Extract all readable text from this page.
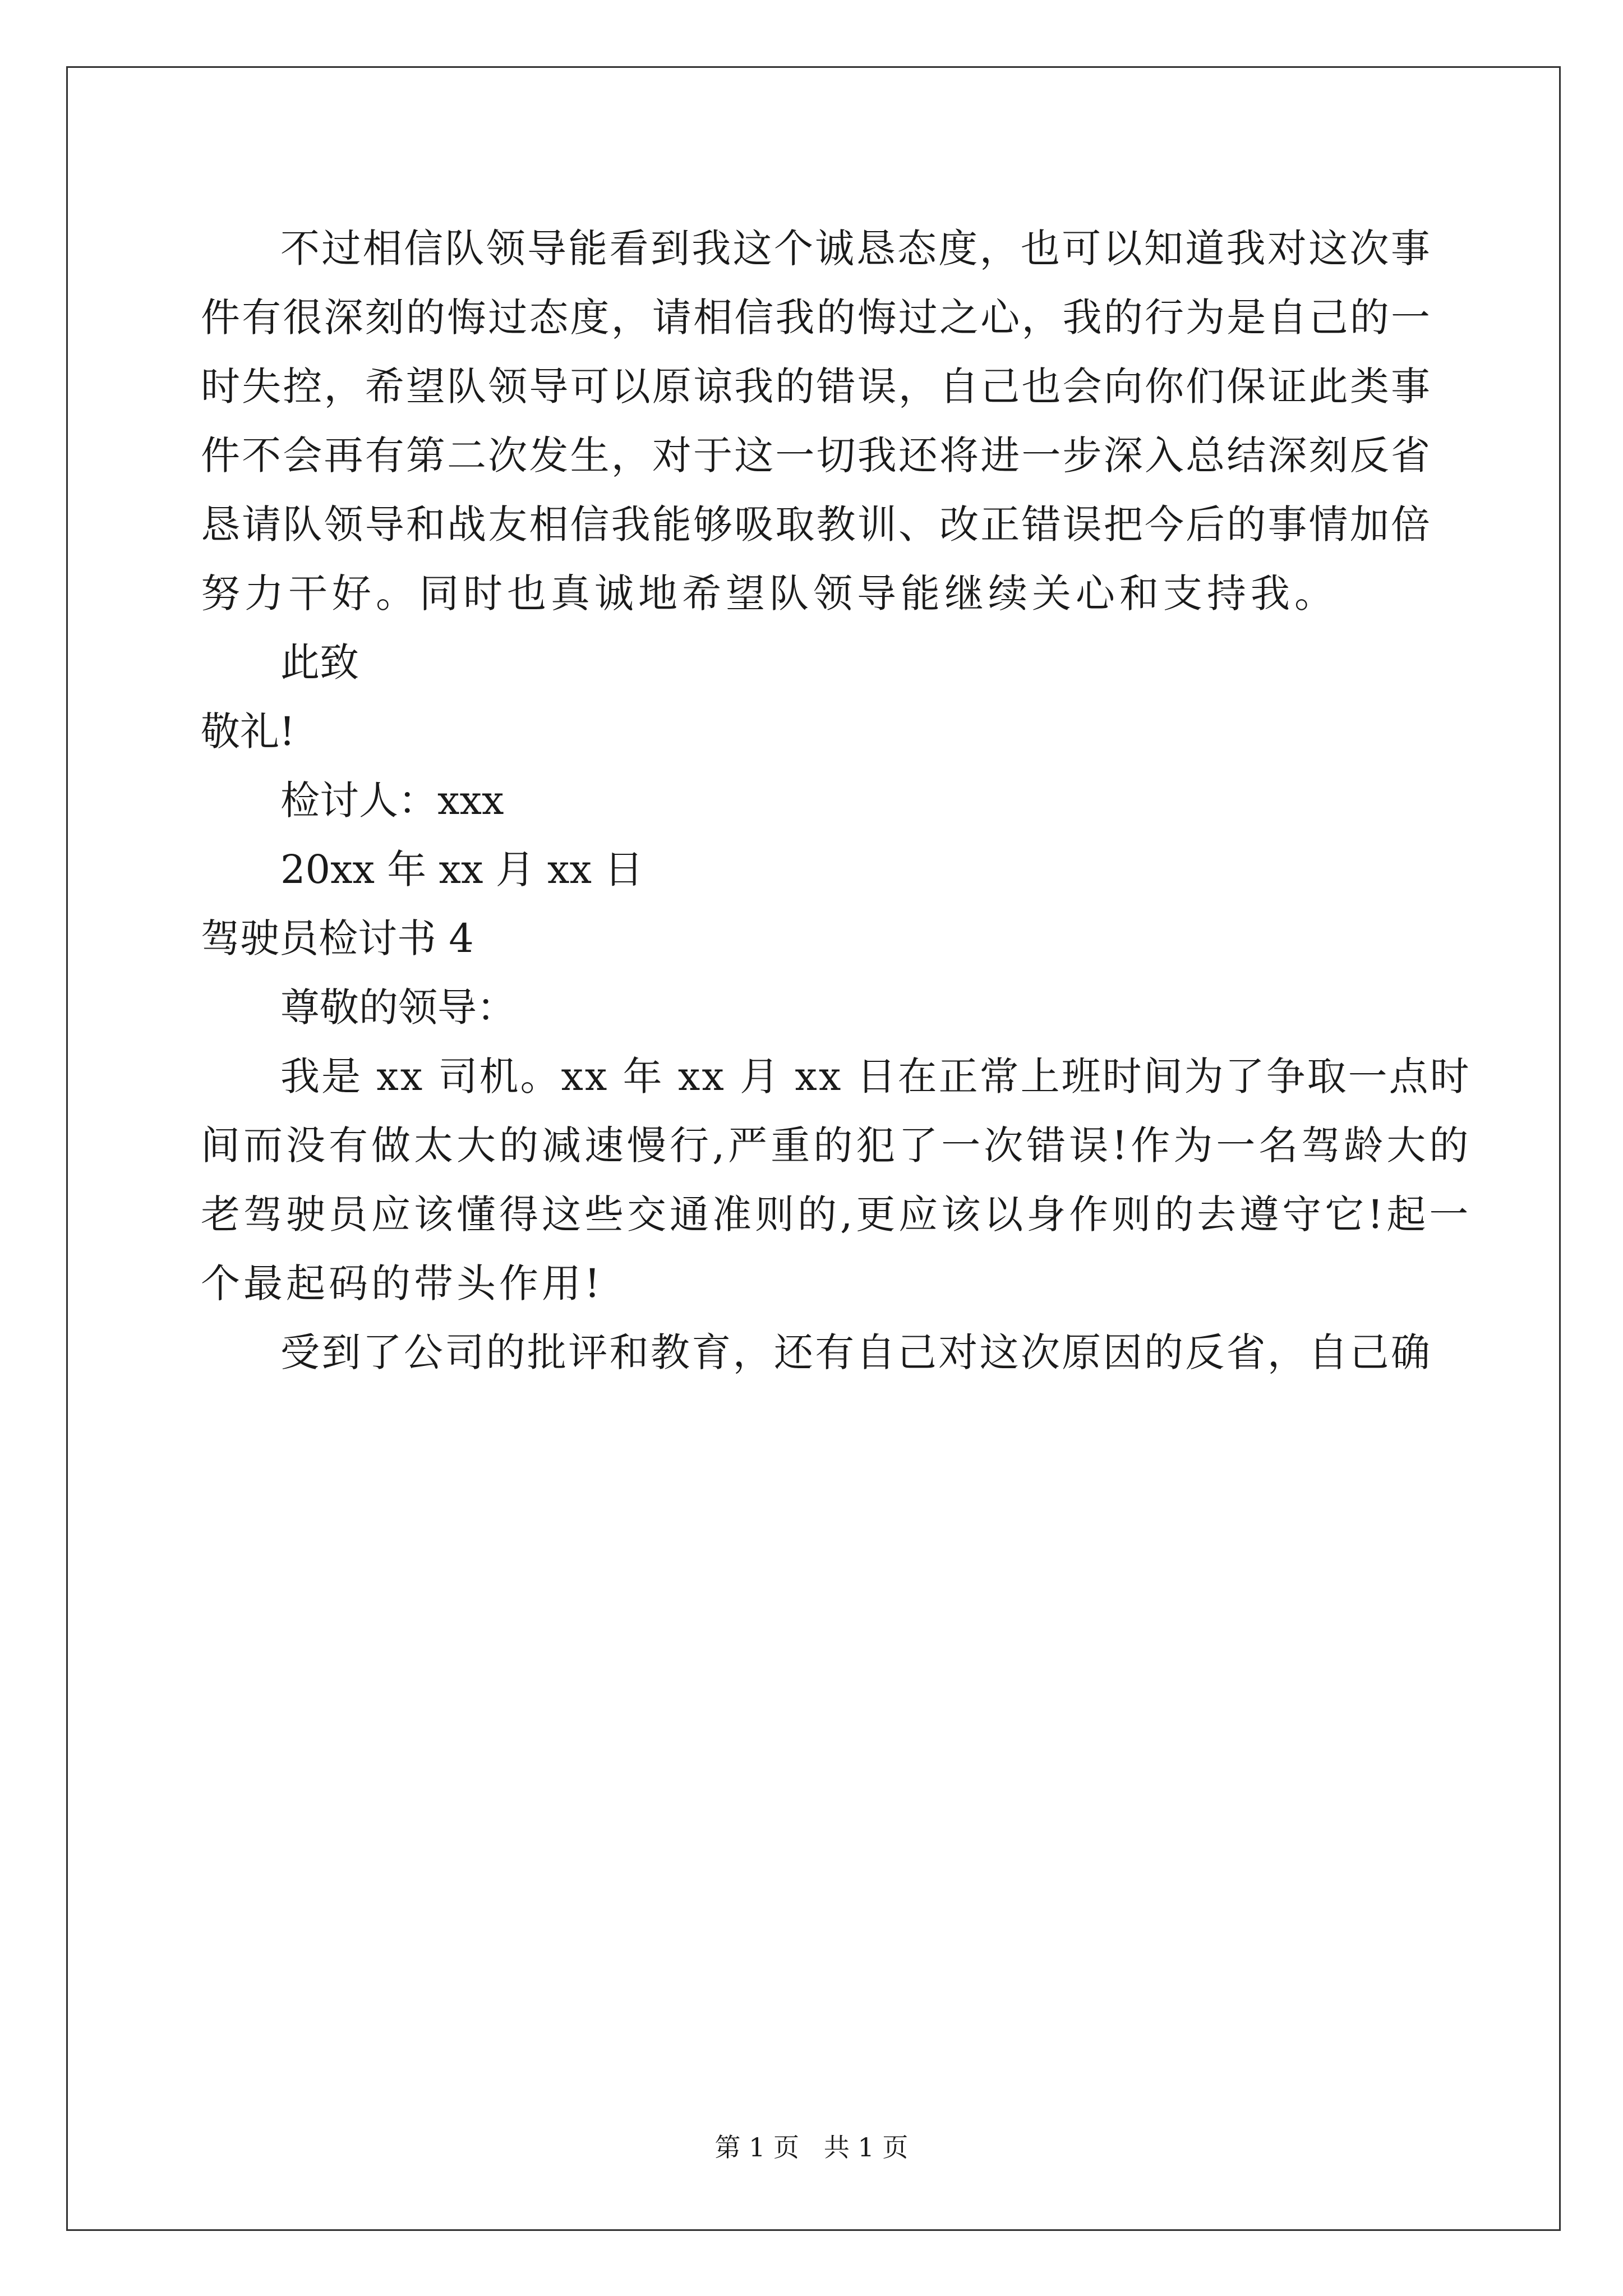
不 过 相 信 队 领 导 能 看 到 我 这 个 诚 恳 态 度 ， 也 可 以 知 道 我 对 这 次 事
件 有 很 深 刻 的 悔 过 态 度 ， 请 相 信 我 的 悔 过 之 心 ， 我 的 行 为 是 自 己 的 一
时 失 控 ， 希 望 队 领 导 可 以 原 谅 我 的 错 误 ， 自 己 也 会 向 你 们 保 证 此 类 事
件 不 会 再 有 第 二 次 发 生 ， 对 于 这 一 切 我 还 将 进 一 步 深 入 总 结 深 刻 反 省
恳 请 队 领 导 和 战 友 相 信 我 能 够 吸 取 教 训 、 改 正 错 误 把 今 后 的 事 情 加 倍
努力干好。同时也真诚地希望队领导能继续关心和支持我。
此致
敬礼!
检讨人：xxx
20xx 年 xx 月 xx 日
驾驶员检讨书 4
尊敬的领导：
我是 xx 司机。xx 年 xx 月 xx 日在正常上班时间为了争取一点时
间而没有做太大的减速慢行,严重的犯了一次错误!作为一名驾龄大的
老驾驶员应该懂得这些交通准则的,更应该以身作则的去遵守它!起一
个最起码的带头作用!
受 到 了 公 司 的 批 评 和 教 育 ， 还 有 自 己 对 这 次 原 因 的 反 省 ， 自 己 确
第 1 页   共 1 页
